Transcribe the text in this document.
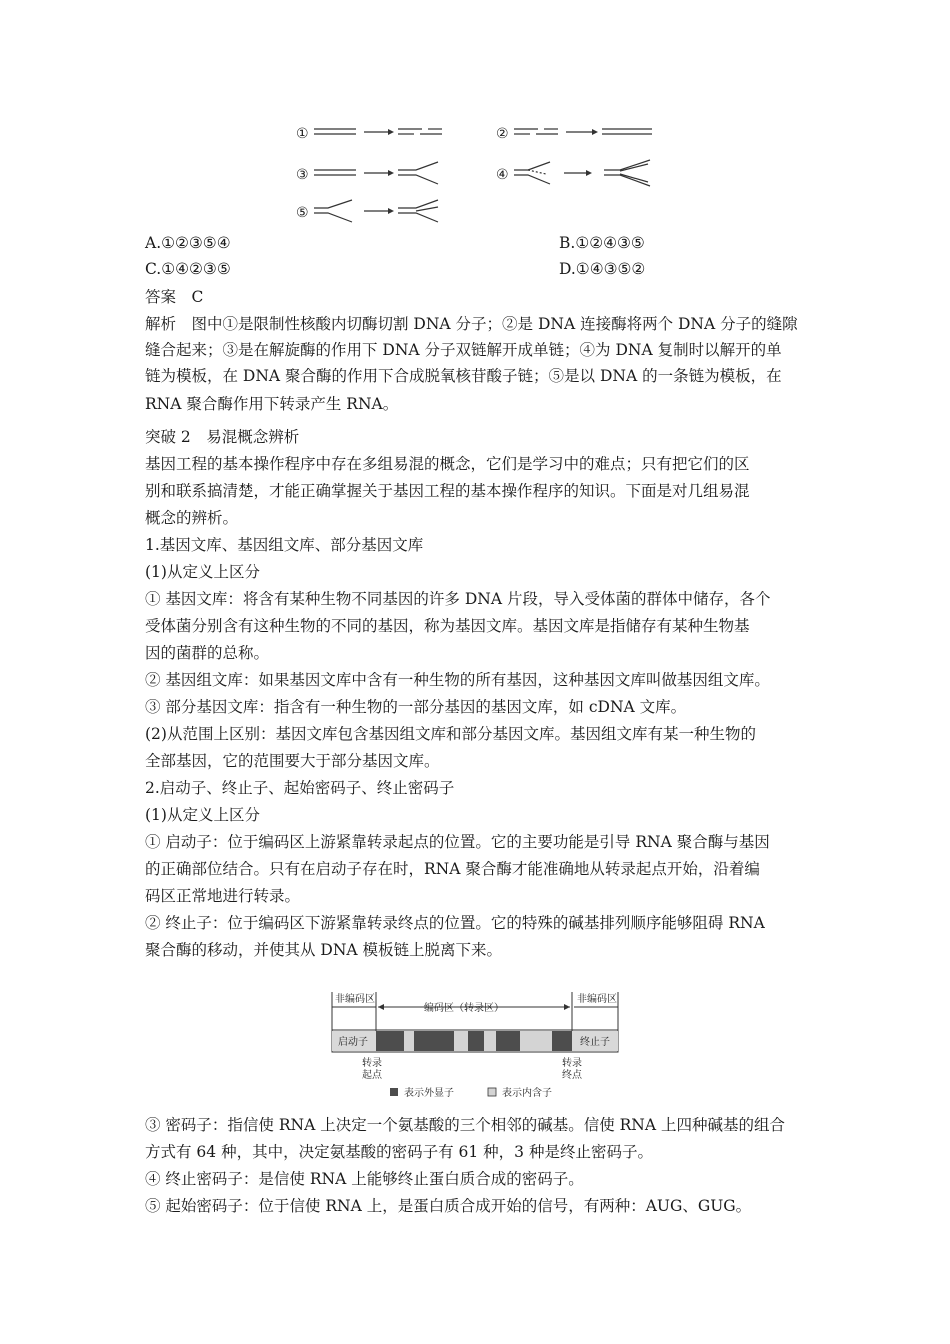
①	②
③	④
⑤
A.①②③⑤④	B.①②④③⑤
C.①④②③⑤	D.①④③⑤②
答案　C
解析　图中①是限制性核酸内切酶切割 DNA 分子；②是 DNA 连接酶将两个 DNA 分子的缝隙
缝合起来；③是在解旋酶的作用下 DNA 分子双链解开成单链；④为 DNA 复制时以解开的单
链为模板，在 DNA 聚合酶的作用下合成脱氧核苷酸子链；⑤是以 DNA 的一条链为模板，在
RNA 聚合酶作用下转录产生 RNA。
突破 2　易混概念辨析
基因工程的基本操作程序中存在多组易混的概念，它们是学习中的难点；只有把它们的区
别和联系搞清楚，才能正确掌握关于基因工程的基本操作程序的知识。下面是对几组易混
概念的辨析。
1.基因文库、基因组文库、部分基因文库
(1)从定义上区分
① 基因文库：将含有某种生物不同基因的许多 DNA 片段，导入受体菌的群体中储存，各个
受体菌分别含有这种生物的不同的基因，称为基因文库。基因文库是指储存有某种生物基
因的菌群的总称。
② 基因组文库：如果基因文库中含有一种生物的所有基因，这种基因文库叫做基因组文库。
③ 部分基因文库：指含有一种生物的一部分基因的基因文库，如 cDNA 文库。
(2)从范围上区别：基因文库包含基因组文库和部分基因文库。基因组文库有某一种生物的
全部基因，它的范围要大于部分基因文库。
2.启动子、终止子、起始密码子、终止密码子
(1)从定义上区分
① 启动子：位于编码区上游紧靠转录起点的位置。它的主要功能是引导 RNA 聚合酶与基因
的正确部位结合。只有在启动子存在时，RNA 聚合酶才能准确地从转录起点开始，沿着编
码区正常地进行转录。
② 终止子：位于编码区下游紧靠转录终点的位置。它的特殊的碱基排列顺序能够阻碍 RNA
聚合酶的移动，并使其从 DNA 模板链上脱离下来。
非编码区
编码区（转录区）
非编码区
启动子	终止子
转录
起点
转录
终点
表示外显子	表示内含子
③ 密码子：指信使 RNA 上决定一个氨基酸的三个相邻的碱基。信使 RNA 上四种碱基的组合
方式有 64 种，其中，决定氨基酸的密码子有 61 种，3 种是终止密码子。
④ 终止密码子：是信使 RNA 上能够终止蛋白质合成的密码子。
⑤ 起始密码子：位于信使 RNA 上，是蛋白质合成开始的信号，有两种：AUG、GUG。
